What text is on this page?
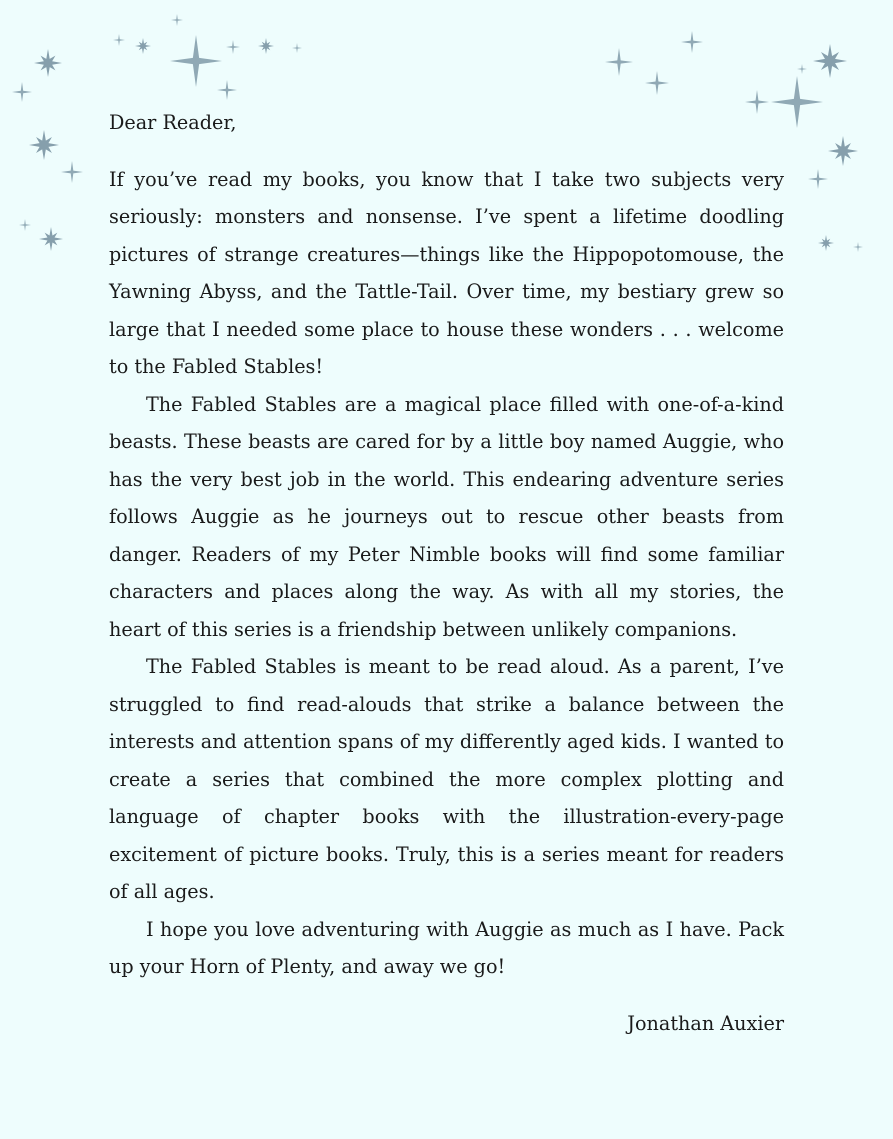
Dear Reader,

If you’ve read my books, you know that I take two subjects very seriously: monsters and nonsense. I’ve spent a lifetime doodling pictures of strange creatures—things like the Hippopotomouse, the Yawning Abyss, and the Tattle-Tail. Over time, my bestiary grew so large that I needed some place to house these wonders . . . welcome to the Fabled Stables!

The Fabled Stables are a magical place filled with one-of-a-kind beasts. These beasts are cared for by a little boy named Auggie, who has the very best job in the world. This endearing adventure series follows Auggie as he journeys out to rescue other beasts from danger. Readers of my Peter Nimble books will find some familiar characters and places along the way. As with all my stories, the heart of this series is a friendship between unlikely companions.

The Fabled Stables is meant to be read aloud. As a parent, I’ve struggled to find read-alouds that strike a balance between the interests and attention spans of my differently aged kids. I wanted to create a series that combined the more complex plotting and language of chapter books with the illustration-every-page excitement of picture books. Truly, this is a series meant for readers of all ages.

I hope you love adventuring with Auggie as much as I have. Pack up your Horn of Plenty, and away we go!

Jonathan Auxier
